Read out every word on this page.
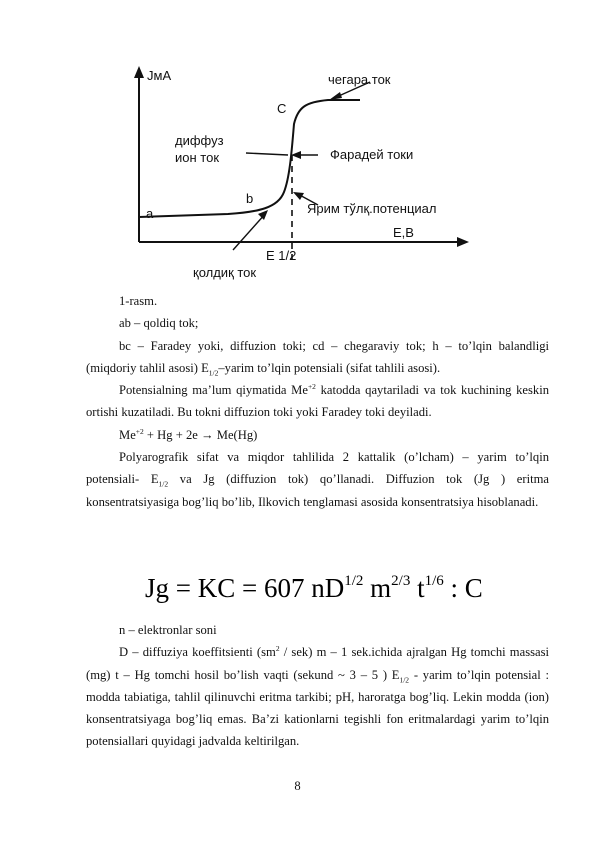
JмA
E,B
C
b
a
чегара.ток
диффуз
ион ток	Фарадей токи
Ярим тўлқ.потенциал
E 1/2
қолдиқ ток

1-rasm.

ab – qoldiq tok;

bc – Faradey yoki, diffuzion toki; cd – chegaraviy tok; h – to’lqin balandligi (miqdoriy tahlil asosi) $E_{1/2}$–yarim to’lqin potensiali (sifat tahlili asosi).

Potensialning ma’lum qiymatida $Me^{+2}$ katodda qaytariladi va tok kuchining keskin ortishi kuzatiladi. Bu tokni diffuzion toki yoki Faradey toki deyiladi.

$Me^{+2} + Hg + 2e \to Me(Hg)$

Polyarografik sifat va miqdor tahlilida 2 kattalik (o’lcham) – yarim to’lqin potensiali- $E_{1/2}$ va Jg (diffuzion tok) qo’llanadi. Diffuzion tok (Jg ) eritma konsentratsiyasiga bog’liq bo’lib, Ilkovich tenglamasi asosida konsentratsiya hisoblanadi.

Jg = KC = 607 $nD^{1/2}$ $m^{2/3}$ $t^{1/6}$ : C

n – elektronlar soni

D – diffuziya koeffitsienti $(sm^2 / sek)$ m – 1 sek.ichida ajralgan Hg tomchi massasi (mg) t – Hg tomchi hosil bo’lish vaqti (sekund ~ 3 – 5 ) $E_{1/2}$ - yarim to’lqin potensial : modda tabiatiga, tahlil qilinuvchi eritma tarkibi; pH, haroratga bog’liq. Lekin modda (ion) konsentratsiyaga bog’liq emas. Ba’zi kationlarni tegishli fon eritmalardagi yarim to’lqin potensiallari quyidagi jadvalda keltirilgan.

8
